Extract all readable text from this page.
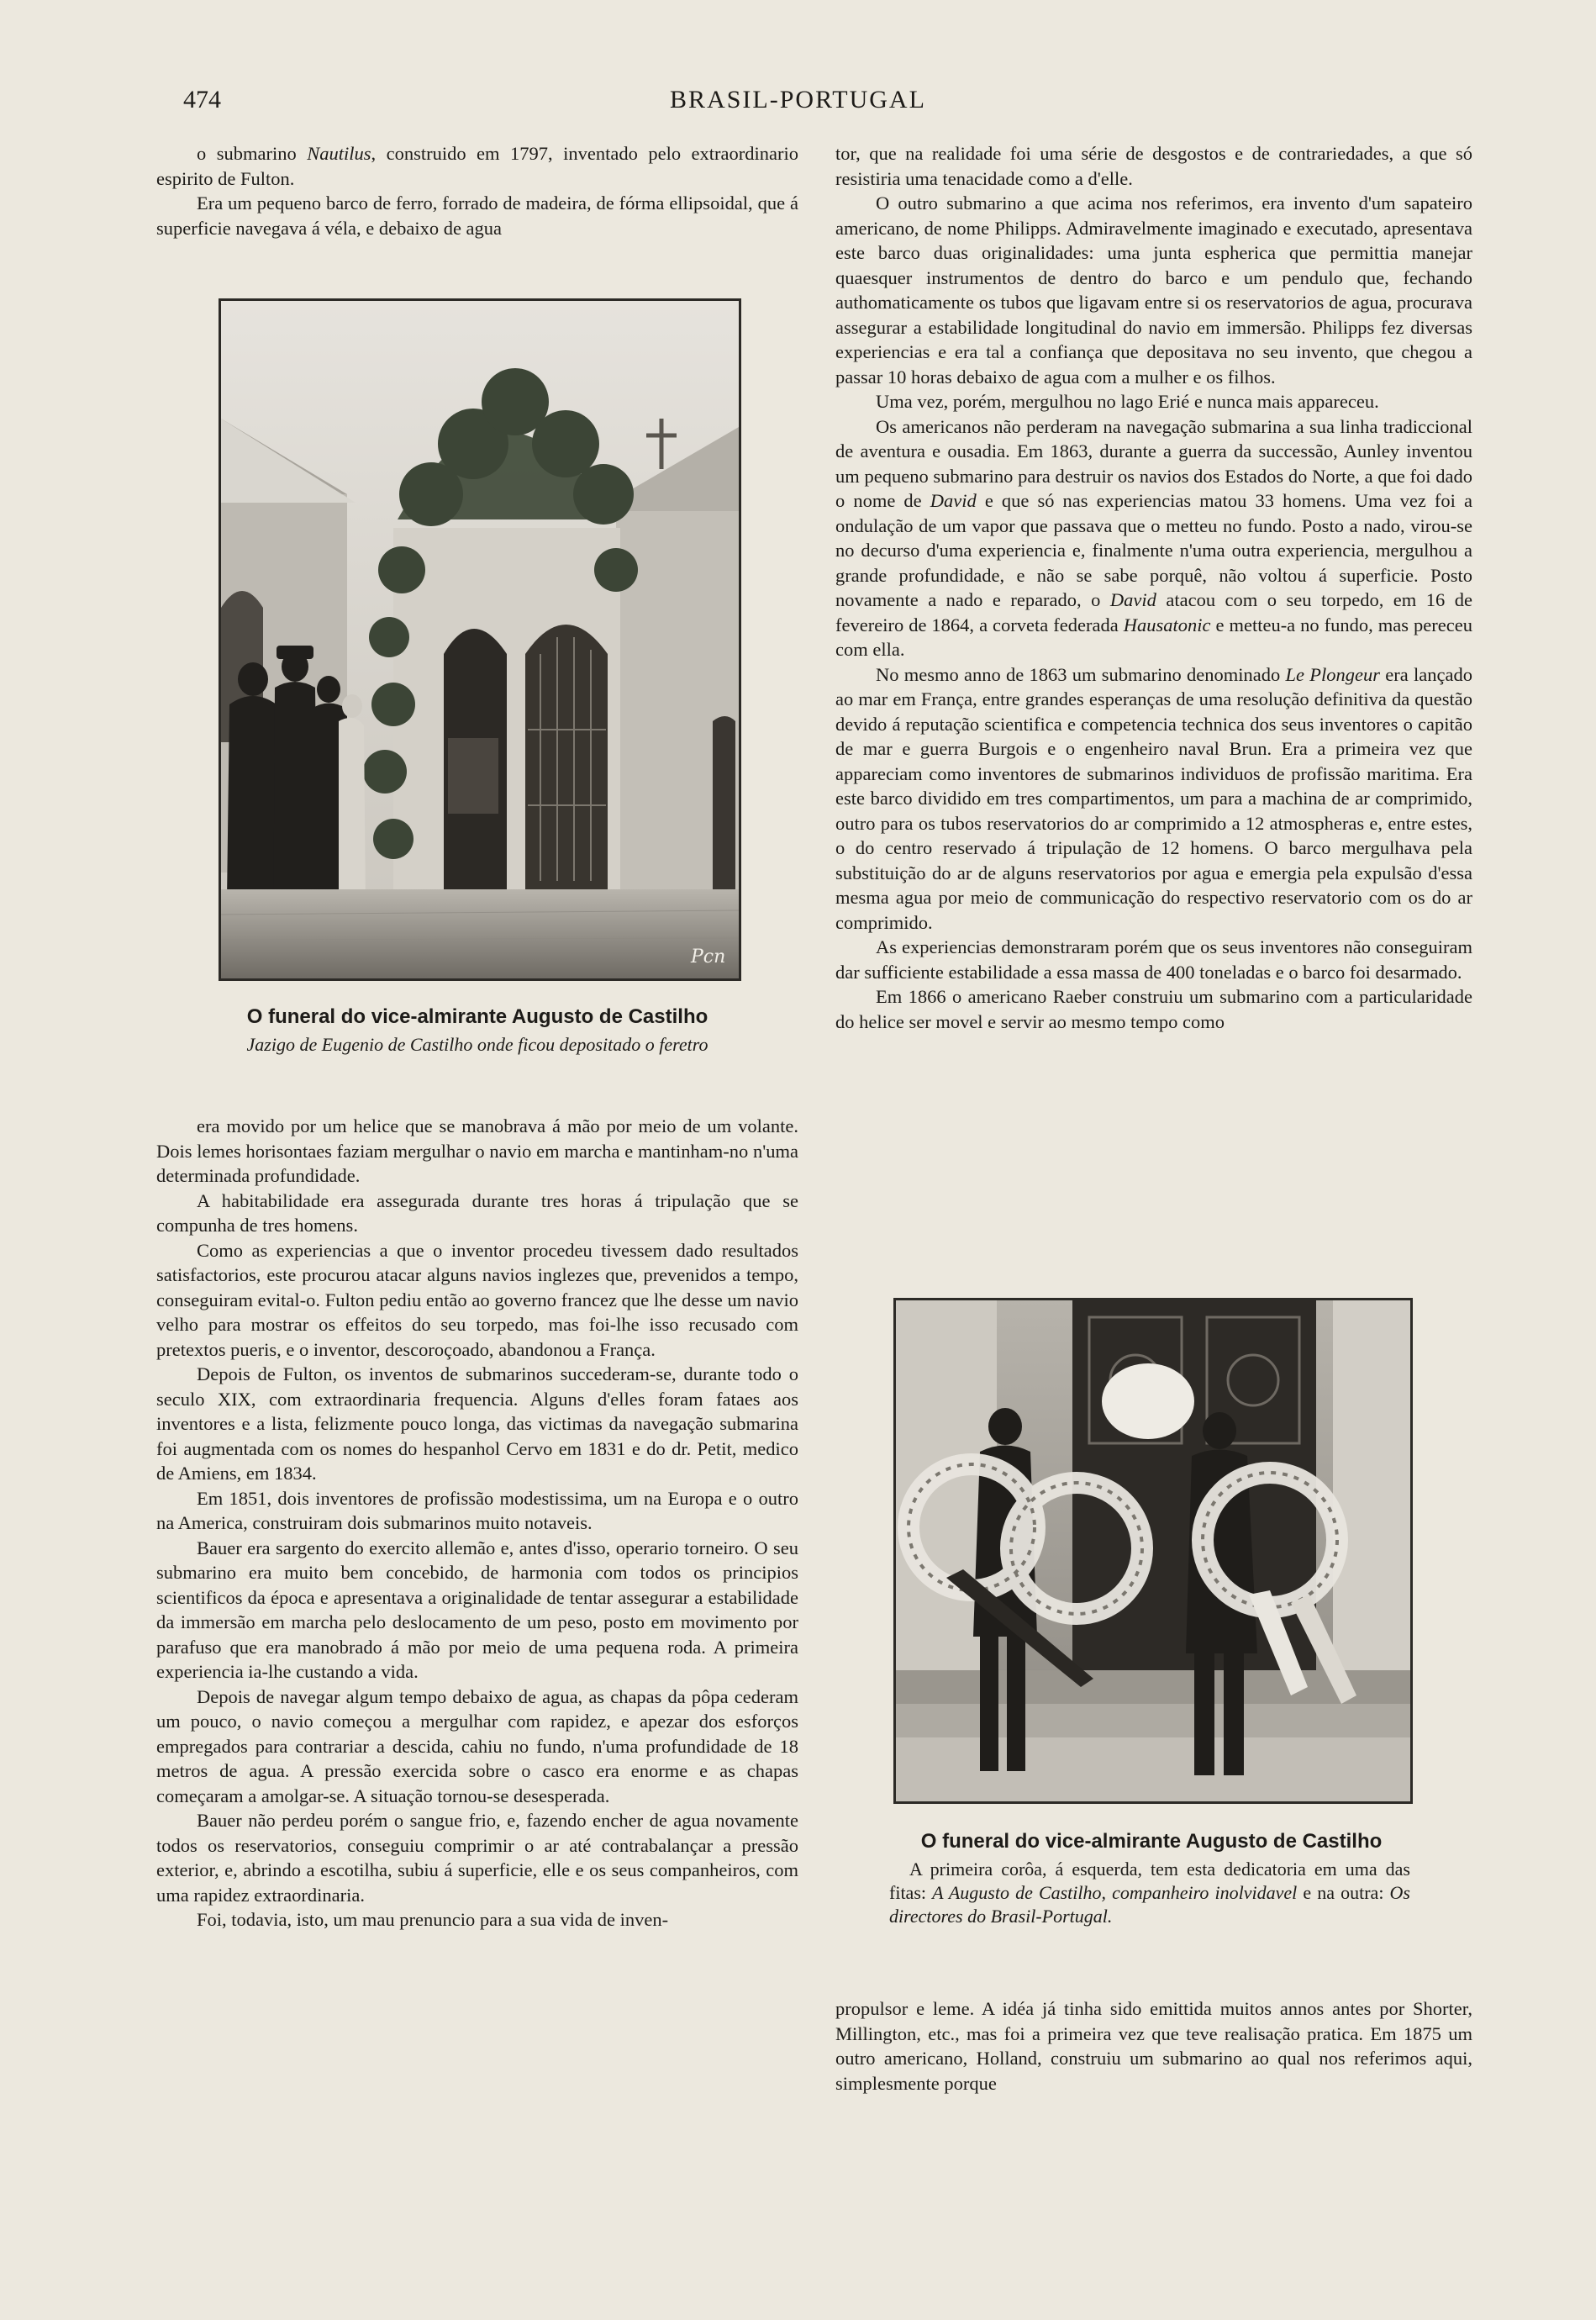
474	BRASIL-PORTUGAL

o submarino Nautilus, construido em 1797, inventado pelo extraordinario espirito de Fulton.

Era um pequeno barco de ferro, forrado de madeira, de fórma ellipsoidal, que á superficie navegava á véla, e debaixo de agua

Pcn
O funeral do vice-almirante Augusto de Castilho
Jazigo de Eugenio de Castilho onde ficou depositado o feretro

era movido por um helice que se manobrava á mão por meio de um volante. Dois lemes horisontaes faziam mergulhar o navio em marcha e mantinham-no n'uma determinada profundidade.

A habitabilidade era assegurada durante tres horas á tripulação que se compunha de tres homens.

Como as experiencias a que o inventor procedeu tivessem dado resultados satisfactorios, este procurou atacar alguns navios inglezes que, prevenidos a tempo, conseguiram evital-o. Fulton pediu então ao governo francez que lhe desse um navio velho para mostrar os effeitos do seu torpedo, mas foi-lhe isso recusado com pretextos pueris, e o inventor, descoroçoado, abandonou a França.

Depois de Fulton, os inventos de submarinos succederam-se, durante todo o seculo XIX, com extraordinaria frequencia. Alguns d'elles foram fataes aos inventores e a lista, felizmente pouco longa, das victimas da navegação submarina foi augmentada com os nomes do hespanhol Cervo em 1831 e do dr. Petit, medico de Amiens, em 1834.

Em 1851, dois inventores de profissão modestissima, um na Europa e o outro na America, construiram dois submarinos muito notaveis.

Bauer era sargento do exercito allemão e, antes d'isso, operario torneiro. O seu submarino era muito bem concebido, de harmonia com todos os principios scientificos da época e apresentava a originalidade de tentar assegurar a estabilidade da immersão em marcha pelo deslocamento de um peso, posto em movimento por parafuso que era manobrado á mão por meio de uma pequena roda. A primeira experiencia ia-lhe custando a vida.

Depois de navegar algum tempo debaixo de agua, as chapas da pôpa cederam um pouco, o navio começou a mergulhar com rapidez, e apezar dos esforços empregados para contrariar a descida, cahiu no fundo, n'uma profundidade de 18 metros de agua. A pressão exercida sobre o casco era enorme e as chapas começaram a amolgar-se. A situação tornou-se desesperada.

Bauer não perdeu porém o sangue frio, e, fazendo encher de agua novamente todos os reservatorios, conseguiu comprimir o ar até contrabalançar a pressão exterior, e, abrindo a escotilha, subiu á superficie, elle e os seus companheiros, com uma rapidez extraordinaria.

Foi, todavia, isto, um mau prenuncio para a sua vida de inven-

tor, que na realidade foi uma série de desgostos e de contrariedades, a que só resistiria uma tenacidade como a d'elle.

O outro submarino a que acima nos referimos, era invento d'um sapateiro americano, de nome Philipps. Admiravelmente imaginado e executado, apresentava este barco duas originalidades: uma junta espherica que permittia manejar quaesquer instrumentos de dentro do barco e um pendulo que, fechando authomaticamente os tubos que ligavam entre si os reservatorios de agua, procurava assegurar a estabilidade longitudinal do navio em immersão. Philipps fez diversas experiencias e era tal a confiança que depositava no seu invento, que chegou a passar 10 horas debaixo de agua com a mulher e os filhos.

Uma vez, porém, mergulhou no lago Erié e nunca mais appareceu.

Os americanos não perderam na navegação submarina a sua linha tradiccional de aventura e ousadia. Em 1863, durante a guerra da successão, Aunley inventou um pequeno submarino para destruir os navios dos Estados do Norte, a que foi dado o nome de David e que só nas experiencias matou 33 homens. Uma vez foi a ondulação de um vapor que passava que o metteu no fundo. Posto a nado, virou-se no decurso d'uma experiencia e, finalmente n'uma outra experiencia, mergulhou a grande profundidade, e não se sabe porquê, não voltou á superficie. Posto novamente a nado e reparado, o David atacou com o seu torpedo, em 16 de fevereiro de 1864, a corveta federada Hausatonic e metteu-a no fundo, mas pereceu com ella.

No mesmo anno de 1863 um submarino denominado Le Plongeur era lançado ao mar em França, entre grandes esperanças de uma resolução definitiva da questão devido á reputação scientifica e competencia technica dos seus inventores o capitão de mar e guerra Burgois e o engenheiro naval Brun. Era a primeira vez que appareciam como inventores de submarinos individuos de profissão maritima. Era este barco dividido em tres compartimentos, um para a machina de ar comprimido, outro para os tubos reservatorios do ar comprimido a 12 atmospheras e, entre estes, o do centro reservado á tripulação de 12 homens. O barco mergulhava pela substituição do ar de alguns reservatorios por agua e emergia pela expulsão d'essa mesma agua por meio de communicação do respectivo reservatorio com os do ar comprimido.

As experiencias demonstraram porém que os seus inventores não conseguiram dar sufficiente estabilidade a essa massa de 400 toneladas e o barco foi desarmado.

Em 1866 o americano Raeber construiu um submarino com a particularidade do helice ser movel e servir ao mesmo tempo como

O funeral do vice-almirante Augusto de Castilho
A primeira corôa, á esquerda, tem esta dedicatoria em uma das fitas: A Augusto de Castilho, companheiro inolvidavel e na outra: Os directores do Brasil-Portugal.

propulsor e leme. A idéa já tinha sido emittida muitos annos antes por Shorter, Millington, etc., mas foi a primeira vez que teve realisação pratica. Em 1875 um outro americano, Holland, construiu um submarino ao qual nos referimos aqui, simplesmente porque
